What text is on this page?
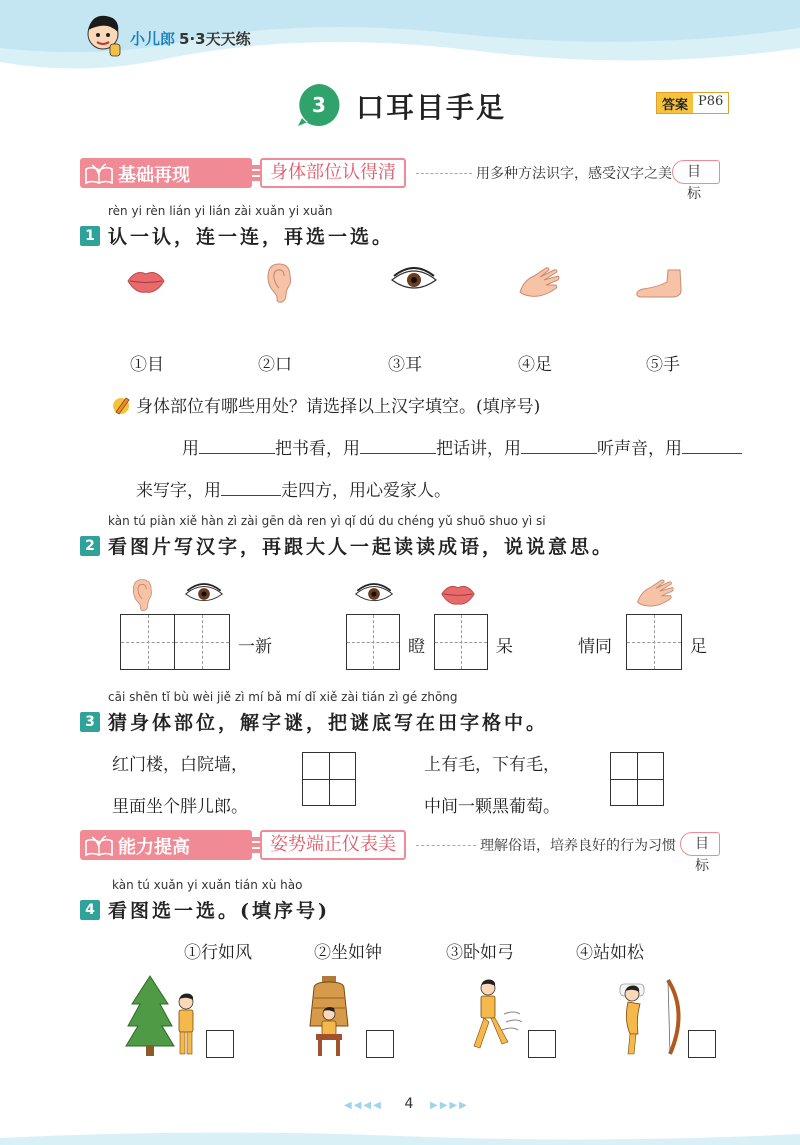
小儿郎 5·3天天练
3 口耳目手足	答案 P86
基础再现	身体部位认得清	用多种方法识字，感受汉字之美	目标
rèn yi rèn lián yi lián zài xuǎn yi xuǎn
1 认一认，连一连，再选一选。
①目	②口	③耳	④足	⑤手
身体部位有哪些用处？请选择以上汉字填空。(填序号)
用	把书看，用	把话讲，用	听声音，用
来写字，用	走四方，用心爱家人。
kàn tú piàn xiě hàn zì zài gēn dà ren yì qǐ dú du chéng yǔ shuō shuo yì si
2 看图片写汉字，再跟大人一起读读成语，说说意思。
一新	瞪	呆	情同	足
cāi shēn tǐ bù wèi jiě zì mí bǎ mí dǐ xiě zài tián zì gé zhōng
3 猜身体部位，解字谜，把谜底写在田字格中。
红门楼，白院墙，
里面坐个胖儿郎。
上有毛，下有毛，
中间一颗黑葡萄。
能力提高	姿势端正仪表美	理解俗语，培养良好的行为习惯	目标
kàn tú xuǎn yi xuǎn tián xù hào
4 看图选一选。(填序号)
①行如风	②坐如钟	③卧如弓	④站如松
◀◀◀◀	4	▶▶▶▶
